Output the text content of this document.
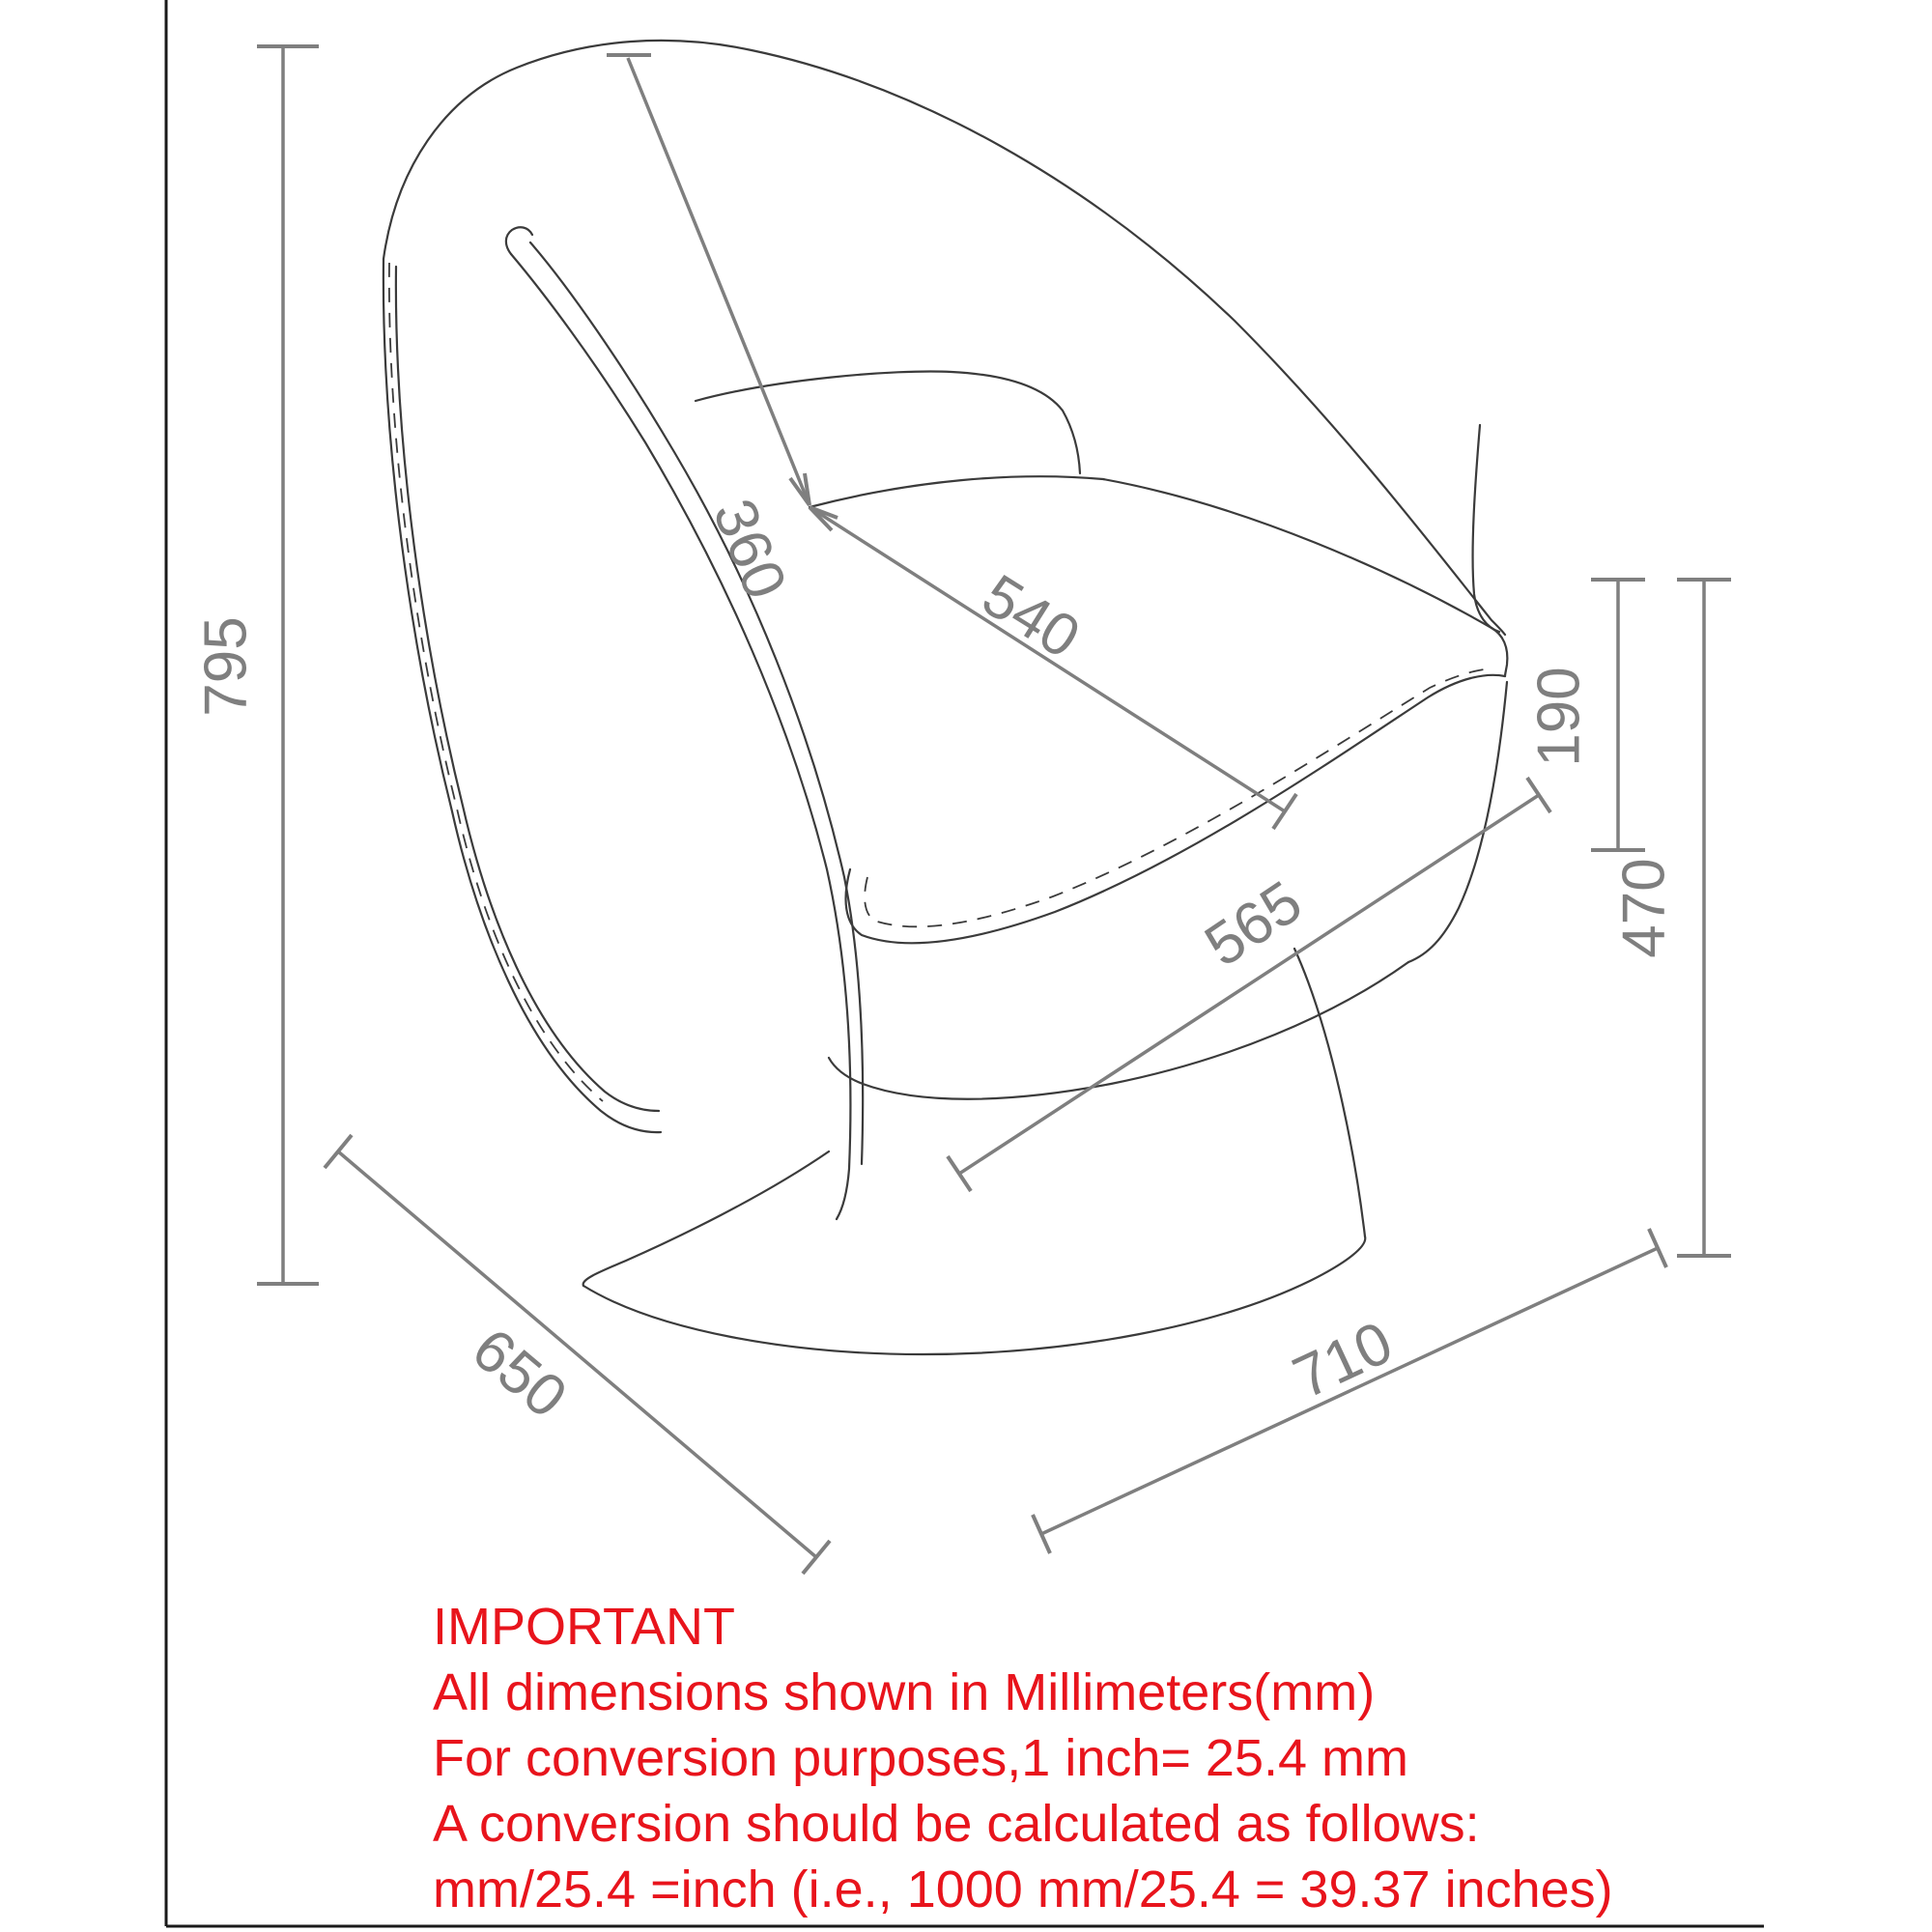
795
360
540
565
190
470
650	710
IMPORTANT
All dimensions shown in Millimeters(mm)
For conversion purposes,1 inch= 25.4 mm
A conversion should be calculated as follows:
mm/25.4 =inch (i.e., 1000 mm/25.4 = 39.37 inches)
